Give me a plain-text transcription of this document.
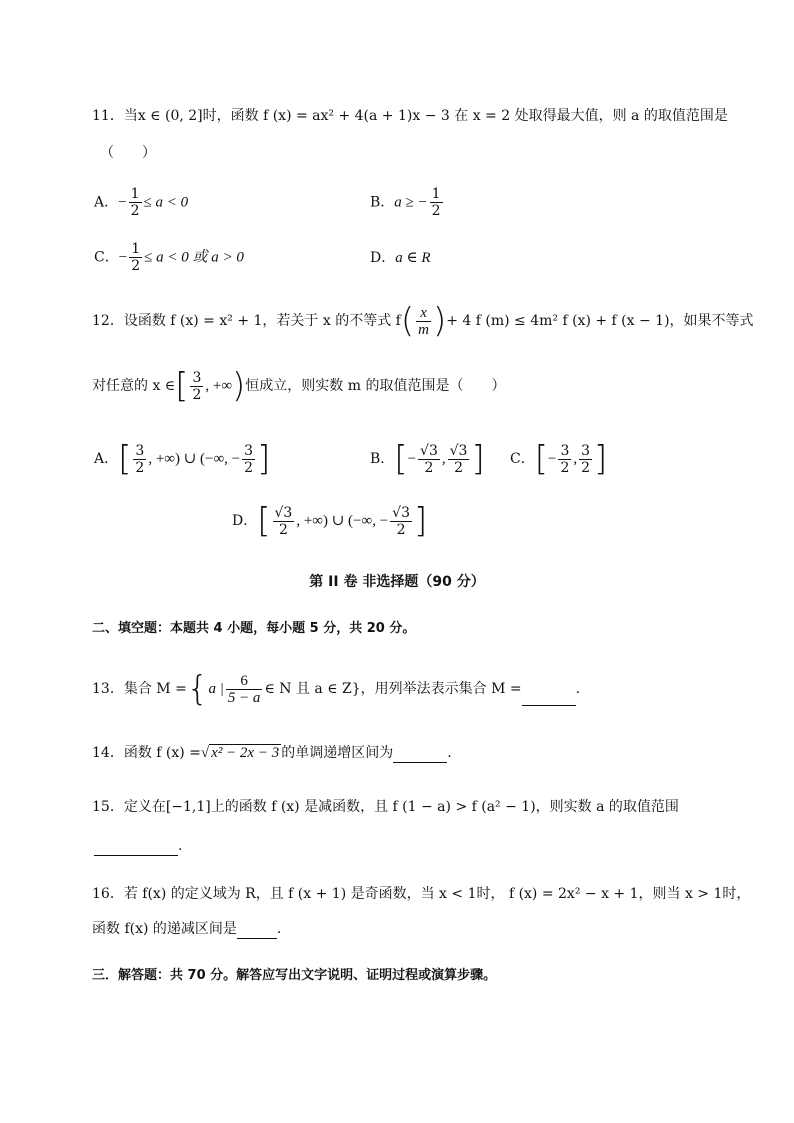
11．当x ∈ (0, 2]时，函数 f (x) = ax² + 4(a + 1)x − 3 在 x = 2 处取得最大值，则 a 的取值范围是
（　　）
A．− $\frac{1}{2} \le a < 0$	B．a ≥ − $\frac{1}{2}$
C．− $\frac{1}{2} \le a < 0$ 或 a > 0	D．a ∈ R
12．设函数 f (x) = x² + 1，若关于 x 的不等式 $f( \frac{x}{m}$ )+ 4 f (m) ≤ 4m² f (x) + f (x − 1)，如果不等式
对任意的 x ∈[ $\frac{3}{2}$ , +∞)恒成立，则实数 m 的取值范围是（　　）
A．[ $\frac{3}{2}$ , +∞) ∪ (−∞, − $\frac{3}{2}$ ]	B．[− $\frac{√3}{2}$ , $\frac{√3}{2}$ ] C．[− $\frac{3}{2}$ , $\frac{3}{2}$ ]
D．[ $\frac{√3}{2}$ , +∞) ∪ (−∞, − $\frac{√3}{2}$ ]
第 II 卷 非选择题（90 分）
二、填空题：本题共 4 小题，每小题 5 分，共 20 分。
13．集合 M ={a | $\frac{6}{5 - a}$ ∈ N 且 a ∈ Z}，用列举法表示集合 M =	.
14．函数 f (x) =√ x² − 2x − 3 的单调递增区间为	.
15．定义在[−1,1]上的函数 f (x) 是减函数，且 f (1 − a) > f (a² − 1)，则实数 a 的取值范围
.
16．若 f(x) 的定义域为 R，且 f (x + 1) 是奇函数，当 x < 1时， f (x) = 2x² − x + 1，则当 x > 1时，
函数 f(x) 的递减区间是	.
三．解答题：共 70 分。解答应写出文字说明、证明过程或演算步骤。
